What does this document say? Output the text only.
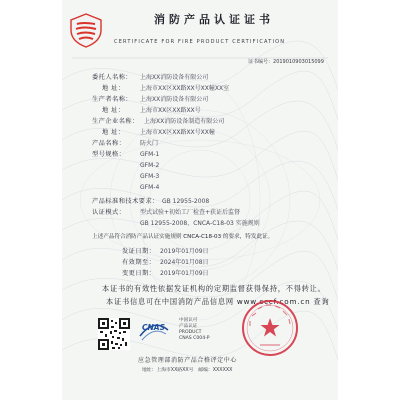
消防产品认证证书
CERTIFICATE FOR FIRE PRODUCT CERTIFICATION
证书编号：2019010903015099
委托人名称： 上海XX消防设备有限公司
地 址：	上海市XX区XX路XX号XX幢XX室
生产者名称： 上海XX消防设备有限公司
地 址：	上海市XX区XX路XX号
生产企业名称： 上海XX消防设备制造有限公司
地 址：	上海市XX区XX路XX号XX幢
产品名称： 防火门
型号规格： GFM-1
GFM-2
GFM-3
GFM-4
产品标准和技术要求： GB 12955-2008
认证模式： 型式试验+初始工厂检查+获证后监督
GB 12955-2008、CNCA-C18-03 实施规则
上述产品符合消防产品认证实施规则 CNCA-C18-03 的要求，特发此证。
发证日期： 2019年01月09日
有效期至： 2024年01月08日
变更日期： 2019年01月09日
本证书的有效性依据发证机构的定期监督获得保持，不得转让。
本证书信息可在中国消防产品信息网 www.cccf.com.cn 查询
CNAS
中国认可
产品认证
PRODUCT
CNAS C004-P
应急管理部消防产品合格评定中心
地址：上海市XX路XX号　邮编：XXXXXX
